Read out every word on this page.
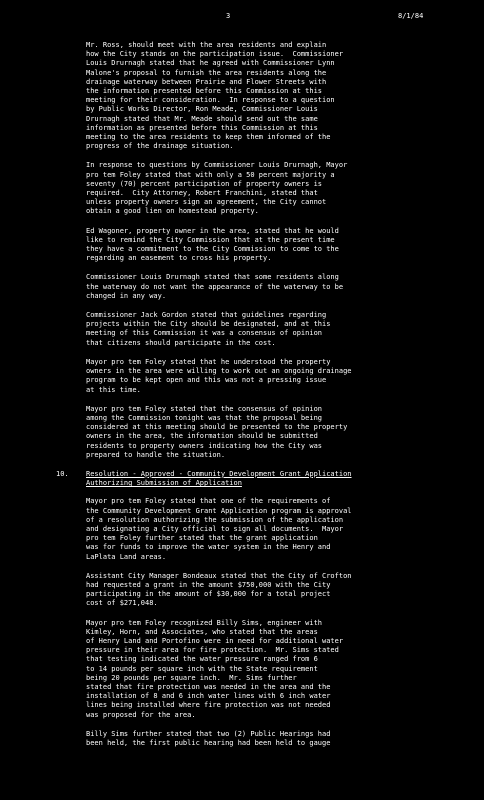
3	8/1/84

Mr. Ross, should meet with the area residents and explain
how the City stands on the participation issue.  Commissioner
Louis Drurnagh stated that he agreed with Commissioner Lynn
Malone's proposal to furnish the area residents along the
drainage waterway between Prairie and Flower Streets with
the information presented before this Commission at this
meeting for their consideration.  In response to a question
by Public Works Director, Ron Meade, Commissioner Louis
Drurnagh stated that Mr. Meade should send out the same
information as presented before this Commission at this
meeting to the area residents to keep them informed of the
progress of the drainage situation.

In response to questions by Commissioner Louis Drurnagh, Mayor
pro tem Foley stated that with only a 50 percent majority a
seventy (70) percent participation of property owners is
required.  City Attorney, Robert Franchini, stated that
unless property owners sign an agreement, the City cannot
obtain a good lien on homestead property.

Ed Wagoner, property owner in the area, stated that he would
like to remind the City Commission that at the present time
they have a commitment to the City Commission to come to the
regarding an easement to cross his property.

Commissioner Louis Drurnagh stated that some residents along
the waterway do not want the appearance of the waterway to be
changed in any way.

Commissioner Jack Gordon stated that guidelines regarding
projects within the City should be designated, and at this
meeting of this Commission it was a consensus of opinion
that citizens should participate in the cost.

Mayor pro tem Foley stated that he understood the property
owners in the area were willing to work out an ongoing drainage
program to be kept open and this was not a pressing issue
at this time.

Mayor pro tem Foley stated that the consensus of opinion
among the Commission tonight was that the proposal being
considered at this meeting should be presented to the property
owners in the area, the information should be submitted
residents to property owners indicating how the City was
prepared to handle the situation.

10. Resolution - Approved - Community Development Grant Application
Authorizing Submission of Application

Mayor pro tem Foley stated that one of the requirements of
the Community Development Grant Application program is approval
of a resolution authorizing the submission of the application
and designating a City official to sign all documents.  Mayor
pro tem Foley further stated that the grant application
was for funds to improve the water system in the Henry and
LaPlata Land areas.

Assistant City Manager Bondeaux stated that the City of Crofton
had requested a grant in the amount $750,000 with the City
participating in the amount of $30,000 for a total project
cost of $271,048.

Mayor pro tem Foley recognized Billy Sims, engineer with
Kimley, Horn, and Associates, who stated that the areas
of Henry Land and Portofino were in need for additional water
pressure in their area for fire protection.  Mr. Sims stated
that testing indicated the water pressure ranged from 6
to 14 pounds per square inch with the State requirement
being 20 pounds per square inch.  Mr. Sims further
stated that fire protection was needed in the area and the
installation of 8 and 6 inch water lines with 6 inch water
lines being installed where fire protection was not needed
was proposed for the area.

Billy Sims further stated that two (2) Public Hearings had
been held, the first public hearing had been held to gauge
